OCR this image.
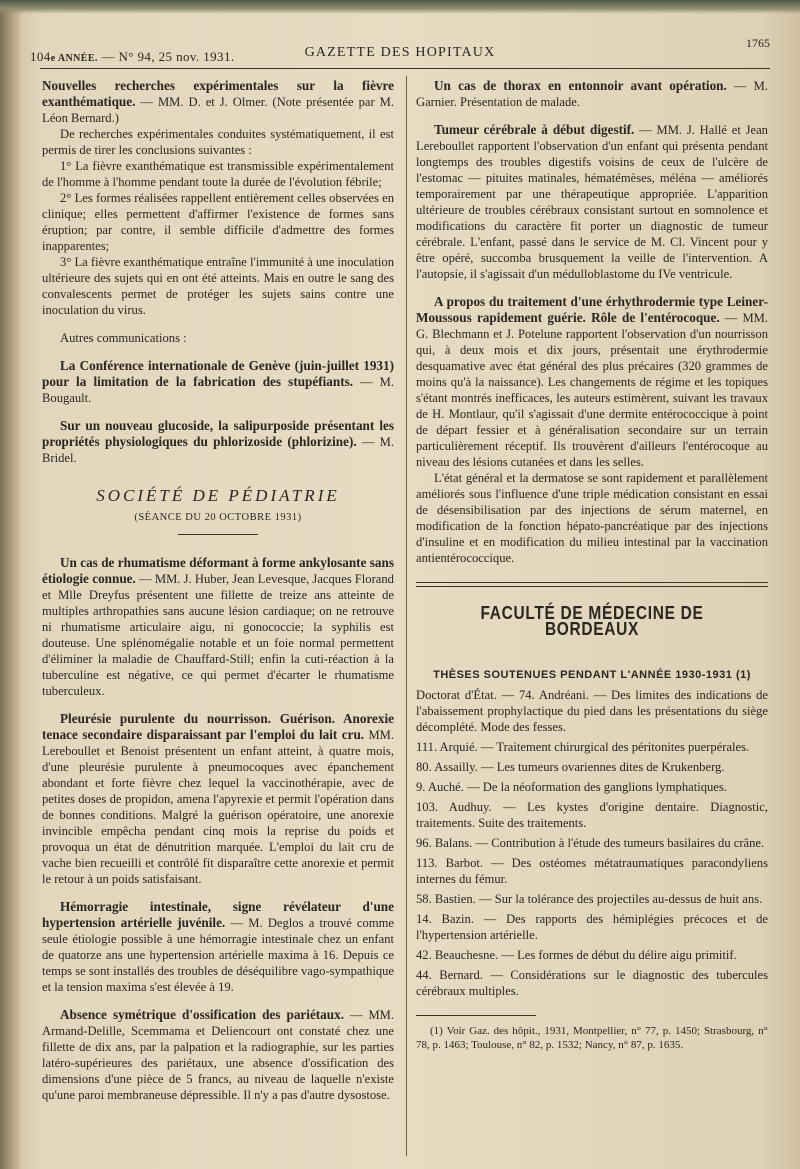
104e ANNÉE. — N° 94, 25 nov. 1931.	GAZETTE DES HOPITAUX
1765

Nouvelles recherches expérimentales sur la fièvre exanthématique. — MM. D. et J. Olmer. (Note présentée par M. Léon Bernard.)

De recherches expérimentales conduites systématiquement, il est permis de tirer les conclusions suivantes :

1° La fièvre exanthématique est transmissible expérimentalement de l'homme à l'homme pendant toute la durée de l'évolution fébrile;

2° Les formes réalisées rappellent entièrement celles observées en clinique; elles permettent d'affirmer l'existence de formes sans éruption; par contre, il semble difficile d'admettre des formes inapparentes;

3° La fièvre exanthématique entraîne l'immunité à une inoculation ultérieure des sujets qui en ont été atteints. Mais en outre le sang des convalescents permet de protéger les sujets sains contre une inoculation du virus.

Autres communications :

La Conférence internationale de Genève (juin-juillet 1931) pour la limitation de la fabrication des stupéfiants. — M. Bougault.

Sur un nouveau glucoside, la salipurposide présentant les propriétés physiologiques du phlorizoside (phlorizine). — M. Bridel.

SOCIÉTÉ DE PÉDIATRIE
(SÉANCE DU 20 OCTOBRE 1931)

Un cas de rhumatisme déformant à forme ankylosante sans étiologie connue. — MM. J. Huber, Jean Levesque, Jacques Florand et Mlle Dreyfus présentent une fillette de treize ans atteinte de multiples arthropathies sans aucune lésion cardiaque; on ne retrouve ni rhumatisme articulaire aigu, ni gonococcie; la syphilis est douteuse. Une splénomégalie notable et un foie normal permettent d'éliminer la maladie de Chauffard-Still; enfin la cuti-réaction à la tuberculine est négative, ce qui permet d'écarter le rhumatisme tuberculeux.

Pleurésie purulente du nourrisson. Guérison. Anorexie tenace secondaire disparaissant par l'emploi du lait cru. MM. Lereboullet et Benoist présentent un enfant atteint, à quatre mois, d'une pleurésie purulente à pneumocoques avec épanchement abondant et forte fièvre chez lequel la vaccinothérapie, avec de petites doses de propidon, amena l'apyrexie et permit l'opération dans de bonnes conditions. Malgré la guérison opératoire, une anorexie invincible empêcha pendant cinq mois la reprise du poids et provoqua un état de dénutrition marquée. L'emploi du lait cru de vache bien recueilli et contrôlé fit disparaître cette anorexie et permit le retour à un poids satisfaisant.

Hémorragie intestinale, signe révélateur d'une hypertension artérielle juvénile. — M. Deglos a trouvé comme seule étiologie possible à une hémorragie intestinale chez un enfant de quatorze ans une hypertension artérielle maxima à 16. Depuis ce temps se sont installés des troubles de déséquilibre vago-sympathique et la tension maxima s'est élevée à 19.

Absence symétrique d'ossification des pariétaux. — MM. Armand-Delille, Scemmama et Deliencourt ont constaté chez une fillette de dix ans, par la palpation et la radiographie, sur les parties latéro-supérieures des pariétaux, une absence d'ossification des dimensions d'une pièce de 5 francs, au niveau de laquelle n'existe qu'une paroi membraneuse dépressible. Il n'y a pas d'autre dysostose.

Un cas de thorax en entonnoir avant opération. — M. Garnier. Présentation de malade.

Tumeur cérébrale à début digestif. — MM. J. Hallé et Jean Lereboullet rapportent l'observation d'un enfant qui présenta pendant longtemps des troubles digestifs voisins de ceux de l'ulcère de l'estomac — pituites matinales, hématémèses, méléna — améliorés temporairement par une thérapeutique appropriée. L'apparition ultérieure de troubles cérébraux consistant surtout en somnolence et modifications du caractère fit porter un diagnostic de tumeur cérébrale. L'enfant, passé dans le service de M. Cl. Vincent pour y être opéré, succomba brusquement la veille de l'intervention. A l'autopsie, il s'agissait d'un médulloblastome du IVe ventricule.

A propos du traitement d'une érhythrodermie type Leiner-Moussous rapidement guérie. Rôle de l'entérocoque. — MM. G. Blechmann et J. Potelune rapportent l'observation d'un nourrisson qui, à deux mois et dix jours, présentait une érythrodermie desquamative avec état général des plus précaires (320 grammes de moins qu'à la naissance). Les changements de régime et les topiques s'étant montrés inefficaces, les auteurs estimèrent, suivant les travaux de H. Montlaur, qu'il s'agissait d'une dermite entérococcique à point de départ fessier et à généralisation secondaire sur un terrain particulièrement réceptif. Ils trouvèrent d'ailleurs l'entérocoque au niveau des lésions cutanées et dans les selles.

L'état général et la dermatose se sont rapidement et parallèlement améliorés sous l'influence d'une triple médication consistant en essai de désensibilisation par des injections de sérum maternel, en modification de la fonction hépato-pancréatique par des injections d'insuline et en modification du milieu intestinal par la vaccination antientérococcique.

FACULTÉ DE MÉDECINE DE BORDEAUX
THÈSES SOUTENUES PENDANT L'ANNÉE 1930-1931 (1)

Doctorat d'État. — 74. Andréani. — Des limites des indications de l'abaissement prophylactique du pied dans les présentations du siège décomplété. Mode des fesses.

111. Arquié. — Traitement chirurgical des péritonites puerpérales.

80. Assailly. — Les tumeurs ovariennes dites de Krukenberg.

9. Auché. — De la néoformation des ganglions lymphatiques.

103. Audhuy. — Les kystes d'origine dentaire. Diagnostic, traitements. Suite des traitements.

96. Balans. — Contribution à l'étude des tumeurs basilaires du crâne.

113. Barbot. — Des ostéomes métatraumatiques paracondyliens internes du fémur.

58. Bastien. — Sur la tolérance des projectiles au-dessus de huit ans.

14. Bazin. — Des rapports des hémiplégies précoces et de l'hypertension artérielle.

42. Beauchesne. — Les formes de début du délire aigu primitif.

44. Bernard. — Considérations sur le diagnostic des tubercules cérébraux multiples.

(1) Voir Gaz. des hôpit., 1931, Montpellier, n° 77, p. 1450; Strasbourg, n° 78, p. 1463; Toulouse, n° 82, p. 1532; Nancy, n° 87, p. 1635.
